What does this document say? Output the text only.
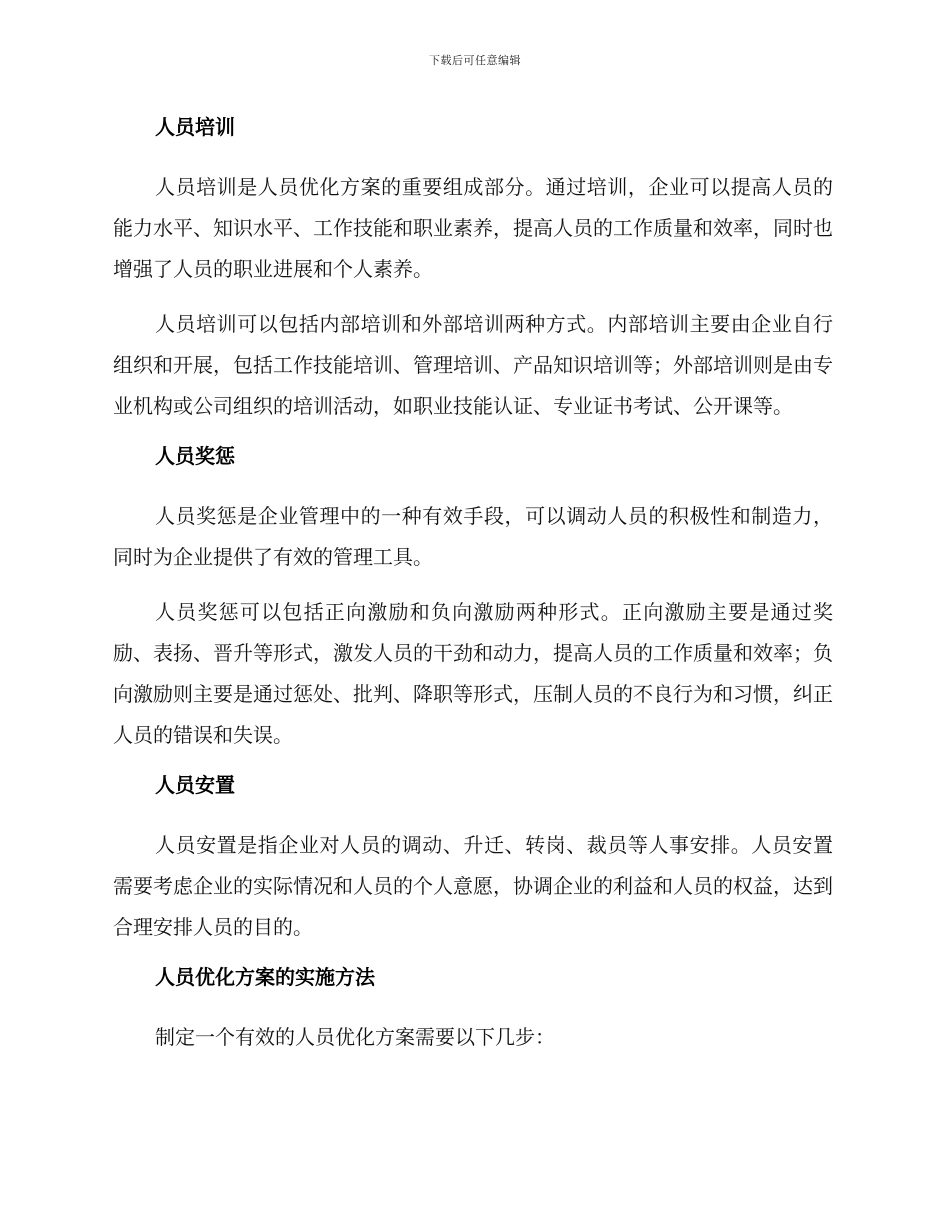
下载后可任意编辑
人员培训

人员培训是人员优化方案的重要组成部分。通过培训，企业可以提高人员的能力水平、知识水平、工作技能和职业素养，提高人员的工作质量和效率，同时也增强了人员的职业进展和个人素养。

人员培训可以包括内部培训和外部培训两种方式。内部培训主要由企业自行组织和开展，包括工作技能培训、管理培训、产品知识培训等；外部培训则是由专业机构或公司组织的培训活动，如职业技能认证、专业证书考试、公开课等。

人员奖惩

人员奖惩是企业管理中的一种有效手段，可以调动人员的积极性和制造力，同时为企业提供了有效的管理工具。

人员奖惩可以包括正向激励和负向激励两种形式。正向激励主要是通过奖励、表扬、晋升等形式，激发人员的干劲和动力，提高人员的工作质量和效率；负向激励则主要是通过惩处、批判、降职等形式，压制人员的不良行为和习惯，纠正人员的错误和失误。

人员安置

人员安置是指企业对人员的调动、升迁、转岗、裁员等人事安排。人员安置需要考虑企业的实际情况和人员的个人意愿，协调企业的利益和人员的权益，达到合理安排人员的目的。

人员优化方案的实施方法

制定一个有效的人员优化方案需要以下几步：
